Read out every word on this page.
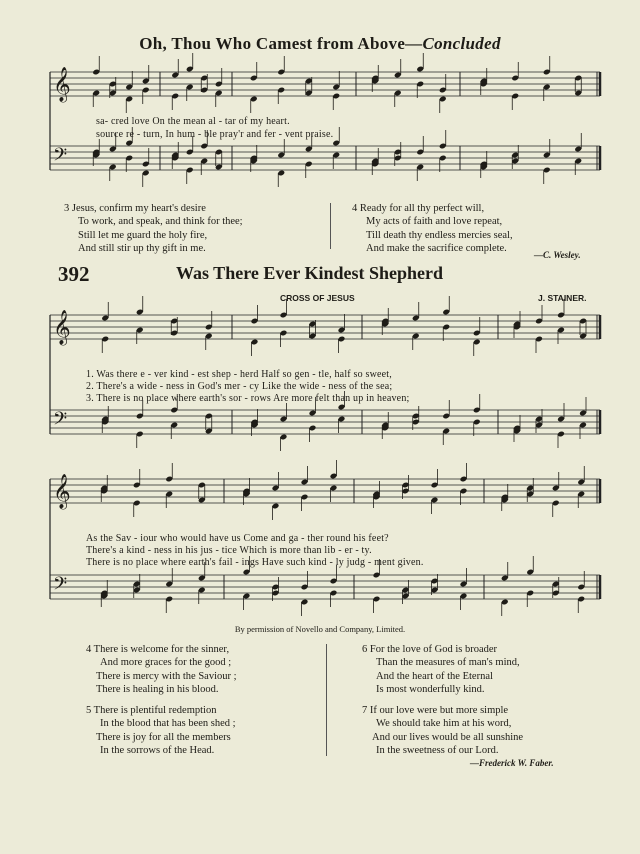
𝄞
𝄢
𝄞
𝄢
𝄞
𝄢
Oh, Thou Who Camest from Above—Concluded
sa- cred love On the mean al - tar of my heart.
source re - turn, In hum - ble pray'r and fer - vent praise.
3 Jesus, confirm my heart's desire
To work, and speak, and think for thee;
Still let me guard the holy fire,
And still stir up thy gift in me.
4 Ready for all thy perfect will,
My acts of faith and love repeat,
Till death thy endless mercies seal,
And make the sacrifice complete.
—C. Wesley.
392	Was There Ever Kindest Shepherd
CROSS OF JESUS	J. STAINER.
1. Was there e - ver kind - est shep - herd Half so gen - tle, half so sweet,
2. There's a wide - ness in God's mer - cy Like the wide - ness of the sea;
3. There is no place where earth's sor - rows Are more felt than up in heaven;
As the Sav - iour who would have us Come and ga - ther round his feet?
There's a kind - ness in his jus - tice Which is more than lib - er - ty.
There is no place where earth's fail - ings Have such kind - ly judg - ment given.
By permission of Novello and Company, Limited.
4 There is welcome for the sinner,
And more graces for the good ;
There is mercy with the Saviour ;
There is healing in his blood.
5 There is plentiful redemption
In the blood that has been shed ;
There is joy for all the members
In the sorrows of the Head.
6 For the love of God is broader
Than the measures of man's mind,
And the heart of the Eternal
Is most wonderfully kind.
7 If our love were but more simple
We should take him at his word,
And our lives would be all sunshine
In the sweetness of our Lord.
—Frederick W. Faber.
